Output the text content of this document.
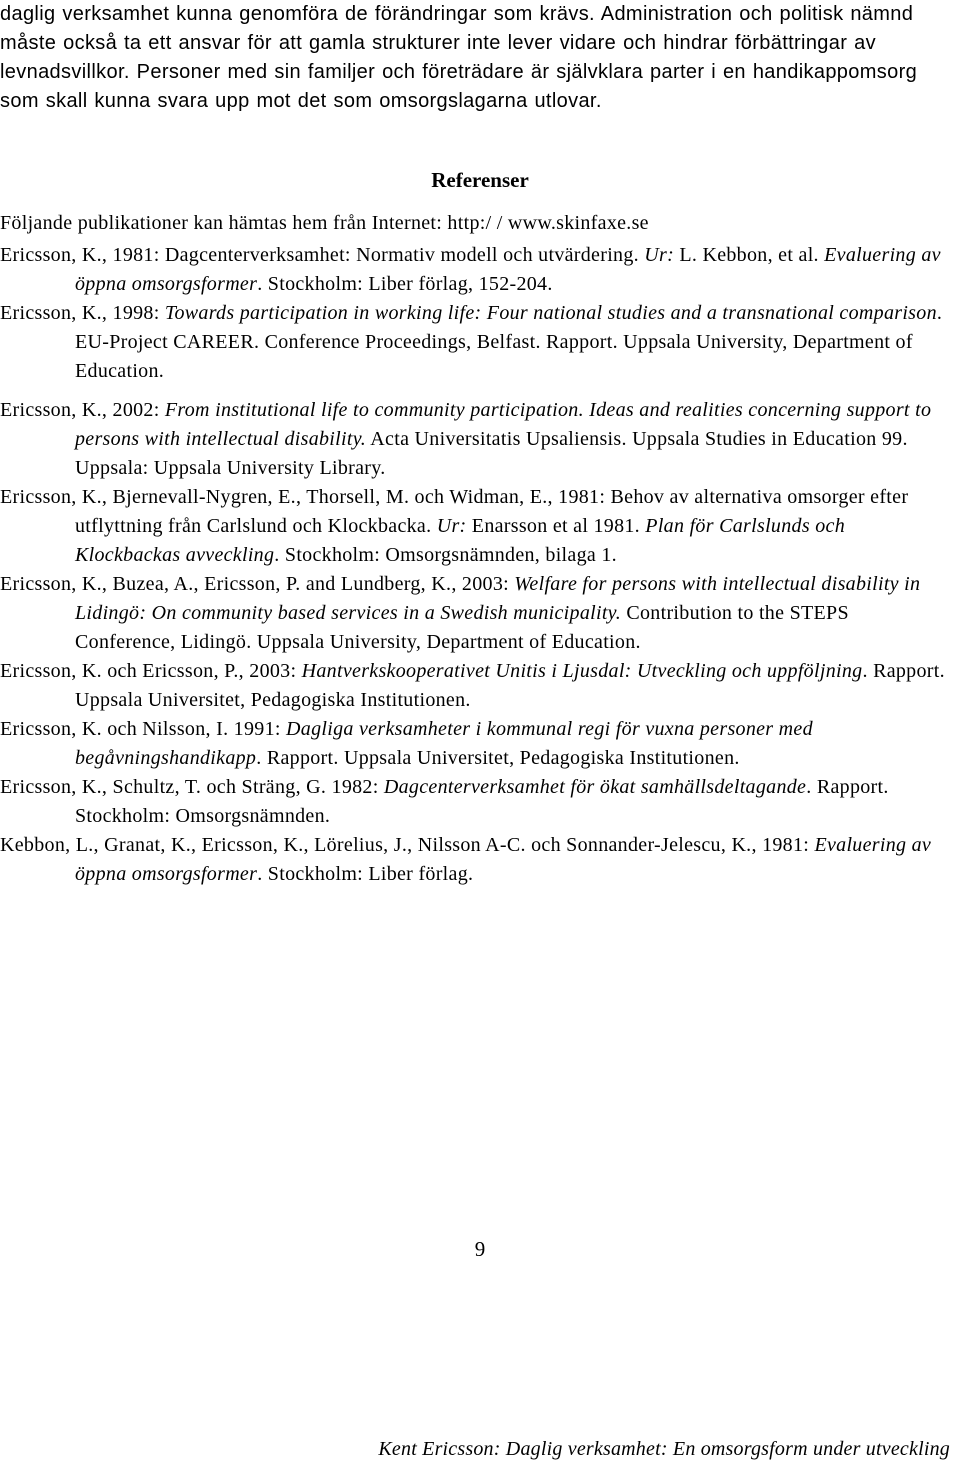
daglig verksamhet kunna genomföra de förändringar som krävs. Administration och politisk nämnd måste också ta ett ansvar för att gamla strukturer inte lever vidare och hindrar förbättringar av levnadsvillkor. Personer med sin familjer och företrädare är självklara parter i en handikappomsorg som skall kunna svara upp mot det som omsorgslagarna utlovar.
Referenser

Följande publikationer kan hämtas hem från Internet: http:/ / www.skinfaxe.se

Ericsson, K., 1981: Dagcenterverksamhet: Normativ modell och utvärdering. Ur: L. Kebbon, et al. Evaluering av öppna omsorgsformer. Stockholm: Liber förlag, 152-204.

Ericsson, K., 1998: Towards participation in working life: Four national studies and a transnational comparison. EU-Project CAREER. Conference Proceedings, Belfast. Rapport. Uppsala University, Department of Education.

Ericsson, K., 2002: From institutional life to community participation. Ideas and realities concerning support to persons with intellectual disability. Acta Universitatis Upsaliensis. Uppsala Studies in Education 99. Uppsala: Uppsala University Library.

Ericsson, K., Bjernevall-Nygren, E., Thorsell, M. och Widman, E., 1981: Behov av alternativa omsorger efter utflyttning från Carlslund och Klockbacka. Ur: Enarsson et al 1981. Plan för Carlslunds och Klockbackas avveckling. Stockholm: Omsorgsnämnden, bilaga 1.

Ericsson, K., Buzea, A., Ericsson, P. and Lundberg, K., 2003: Welfare for persons with intellectual disability in Lidingö: On community based services in a Swedish municipality. Contribution to the STEPS Conference, Lidingö. Uppsala University, Department of Education.

Ericsson, K. och Ericsson, P., 2003: Hantverkskooperativet Unitis i Ljusdal: Utveckling och uppföljning. Rapport. Uppsala Universitet, Pedagogiska Institutionen.

Ericsson, K. och Nilsson, I. 1991: Dagliga verksamheter i kommunal regi för vuxna personer med begåvningshandikapp. Rapport. Uppsala Universitet, Pedagogiska Institutionen.

Ericsson, K., Schultz, T. och Sträng, G. 1982: Dagcenterverksamhet för ökat samhällsdeltagande. Rapport. Stockholm: Omsorgsnämnden.

Kebbon, L., Granat, K., Ericsson, K., Lörelius, J., Nilsson A-C. och Sonnander-Jelescu, K., 1981: Evaluering av öppna omsorgsformer. Stockholm: Liber förlag.

9
Kent Ericsson: Daglig verksamhet: En omsorgsform under utveckling
